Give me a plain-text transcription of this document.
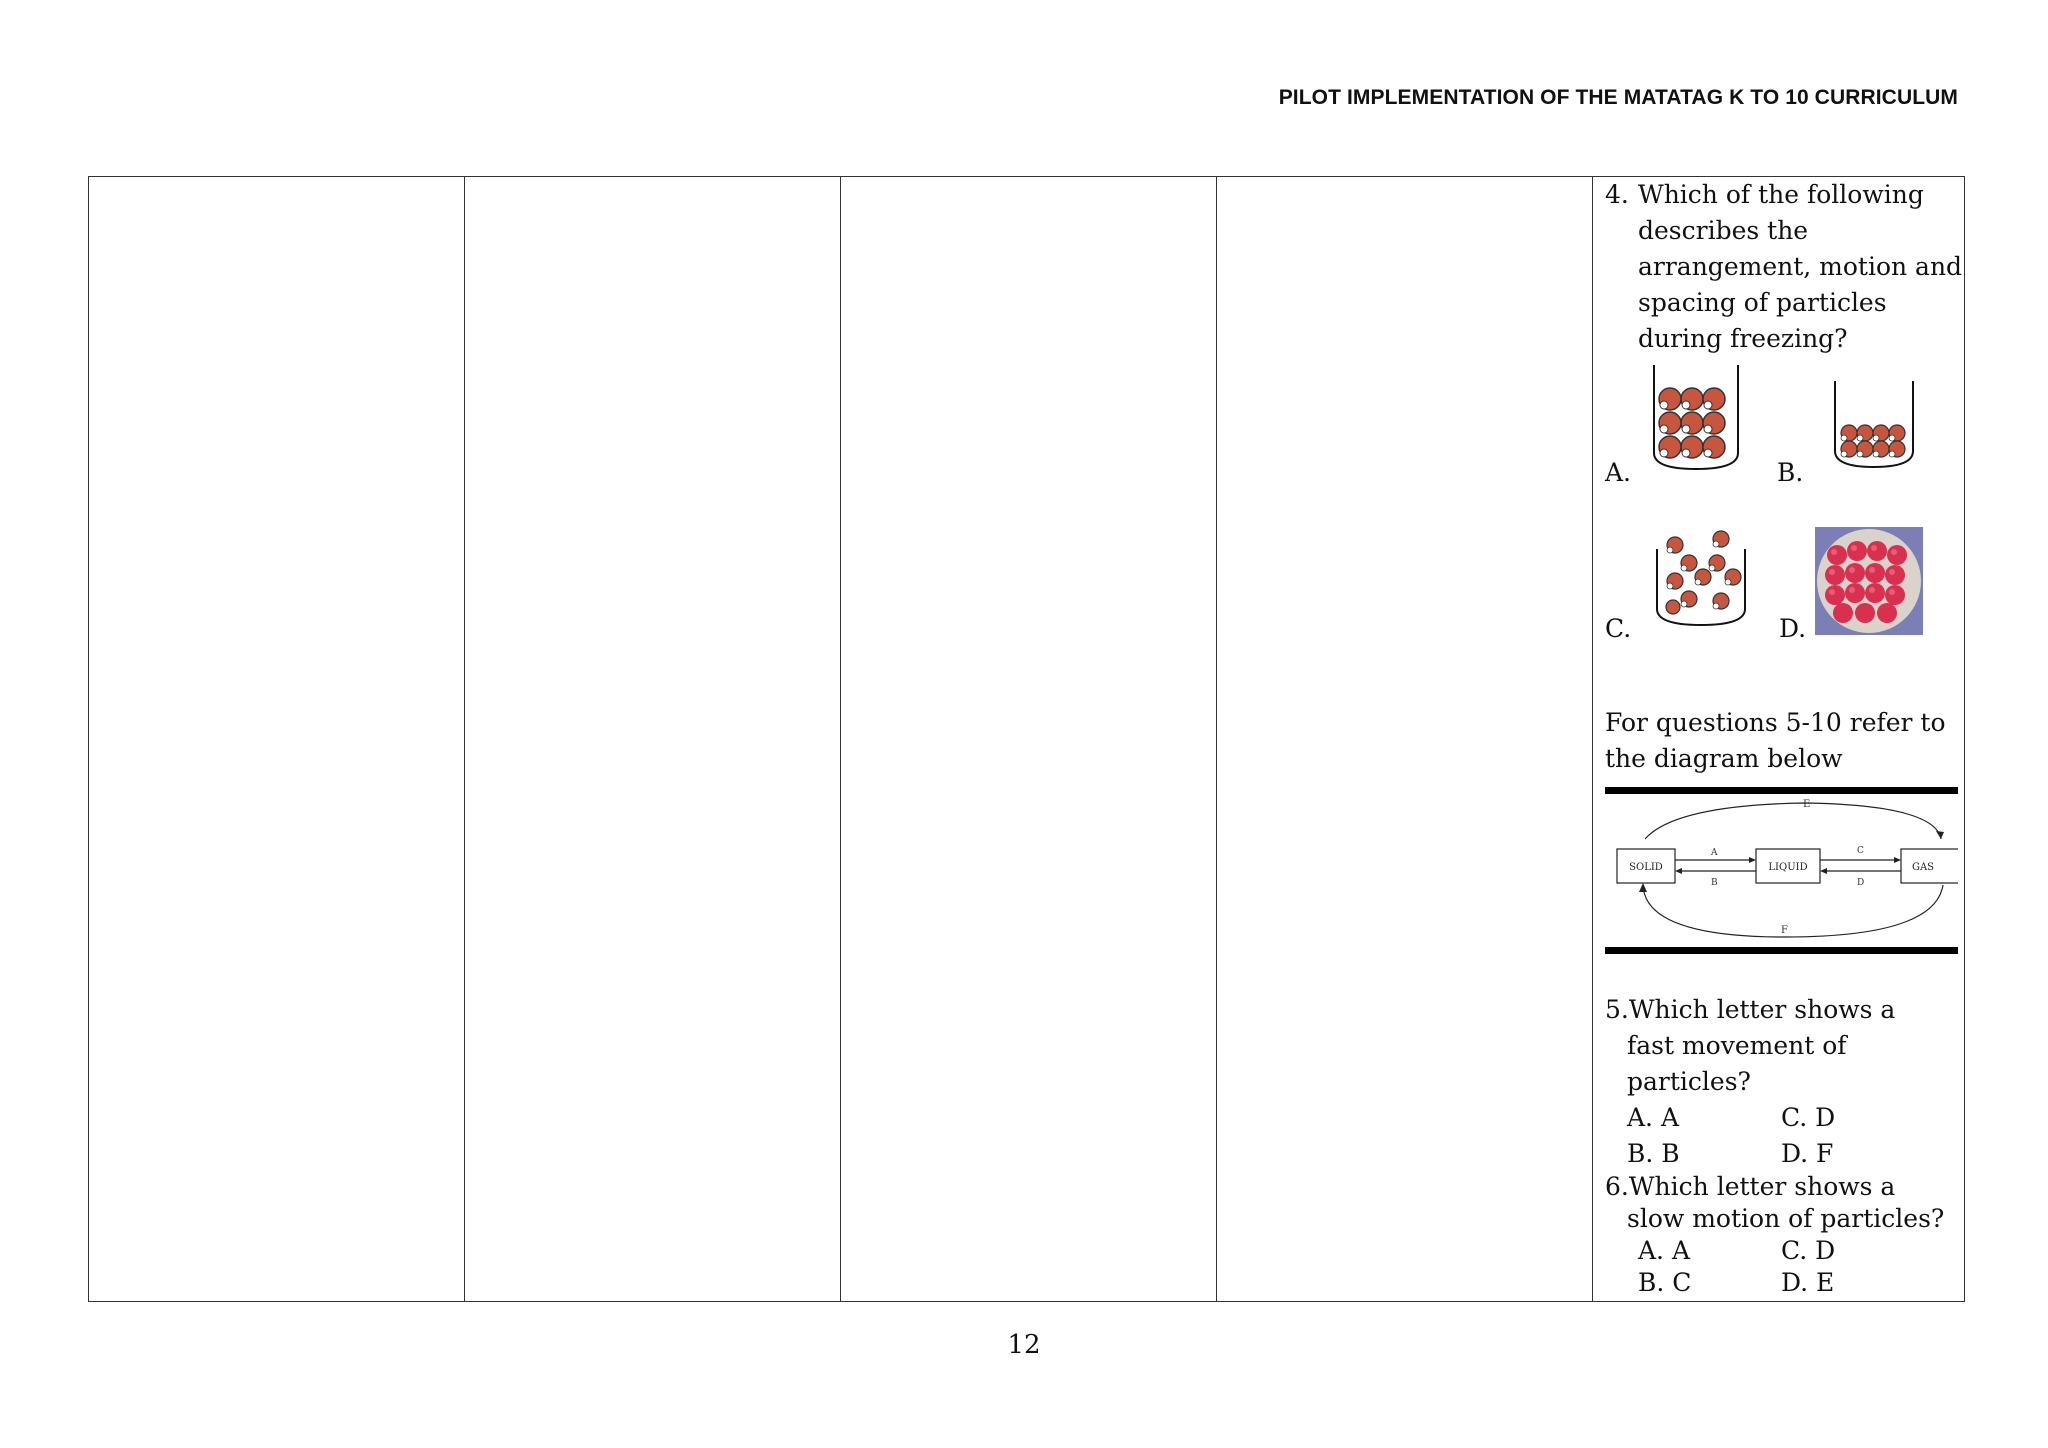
PILOT IMPLEMENTATION OF THE MATATAG K TO 10 CURRICULUM

4. Which of the following describes the arrangement, motion and spacing of particles during freezing?
A.	B.
C.	D.
For questions 5-10 refer to the diagram below
E
F
SOLID	LIQUID	GAS
A
B
C
D
5.Which letter shows a
fast movement of
particles?
A. A	C. D
B. B	D. F
6.Which letter shows a
slow motion of particles?
A. A	C. D
B. C	D. E
12
